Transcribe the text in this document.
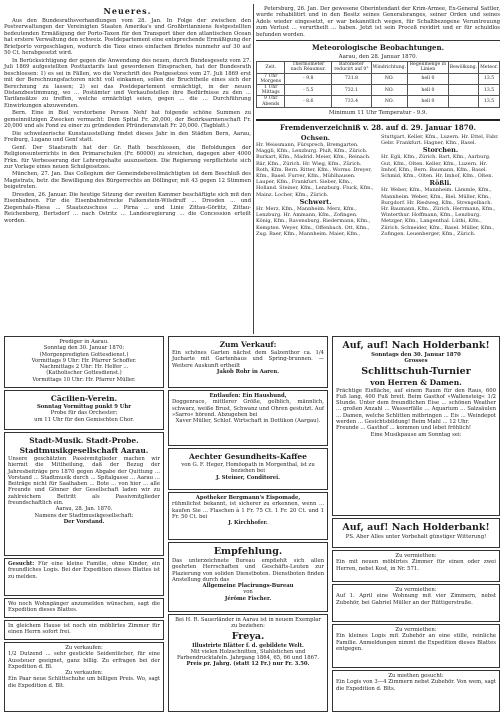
Neueres.

Aus den Bundesrathsverhandlungen vom 28. Jan. In Folge der zwischen den Postverwaltungen der Vereinigten Staaten Amerika's und Großbritanniens festgestellten bedeutenden Ermäßigung der Porto-Taxen für den Transport über den atlantischen Ocean hat erstere Verwaltung den schweiz. Postdepartement eine entsprechende Ermäßigung der Briefporto vorgeschlagen, wodurch die Taxe eines einfachen Briefes nunmehr auf 30 auf 50 Ct. herabgesetzt wird.

In Berücksichtigung der gegen die Anwendung des neuen, durch Bundesgesetz vom 27. Juli 1869 aufgestellten Posttaxtarifs laut gewordenen Einsprachen, hat der Bundesrath beschlossen: 1) es sei in Fällen, wo die Vorschrift des Postgesetzes vom 27. Juli 1869 erst mit der Berechnungsfactoren nicht voll einkamen, sollen die Bruchtheile eines sich der Berechnung zu lassen; 2) sei das Postdepartement ermächtigt, in der neuen Distanzbestimmung, wo ... Postämter und Verkaufsstellen ihre Bedürfnisse zu den ... Tarifansätze zu treffen, welche ermächtigt seien, gegen ... die ... Durchführung Einwirkungen abzuwenden.

Bern. Eine in Biel verstorbene Person Nehf hat folgende schöne Summen zu gemeinnützigen Zwecken vermacht: Dem Spital Fr. 20,000, der Bezirksarmenschaft Fr. 20,000 und als Fond zu einer zu gründenden Pfründeranstalt Fr. 20,000. (Tagblatt.)

Die schweizerische Kunstausstellung findet dieses Jahr in den Städten Bern, Aarau, Freiburg, Lugano und Genf statt.

Genf. Der Staatsrath hat der Gr. Rath beschlossen, die Befoldungen der Religionsunterrichts in den Primarschulen (Fr. 60000) zu streichen, dagegen aber 4000 Frkn. für Verbesserung der Lehrergehalte auszusetzen. Die Regierung verpflichtete sich zur Vorlage eines neuen Schulgesetzes.

München, 27. Jan. Das Collegium der Gemeindebevollmächtigten ist dem Beschluß des Magistrats, betr. die Bewilligung des Bürgerrechts an Döllinger, mit 43 gegen 12 Stimmen beigetreten.

Dresden, 26. Januar. Die heutige Sitzung der zweiten Kammer beschäftigte sich mit den Eisenbahnen. Für die Eisenbahnstrecke Falkenstein-Wilsdruff ... Dresden ... und Ziegenhals-Riesa ... Staatszuschuss ... Pirna ... und Linie Zittau-Görlitz, Zittau-Reichenberg, Bertsdorf ... nach Ostritz ... Landesregierung ... die Concession erteilt worden.

Petersburg, 26. Jan. Der gewesene Oberintendant der Krim-Armee, Ex-General Sattler, wurde rehabilitirt und in den Besitz seines Generalsranges, seiner Orden und seines Adels wieder eingesetzt, er war bekanntlich wegen, für Schaltbezogene Veruntreuung zum Verlust ... verurtheilt ... haben. Jetzt ist sein Proceß revidirt und er für schuldlos befunden worden.

Meteorologische Beobachtungen.

Aarau, den 28. Januar 1870.

Zeit.	Thermometer nach Réaumur.	Barometer reducirt auf 0°	Windrichtung.	Regenmenge in Linien	Bewölkung.	Meteor.
7 Uhr Morgens	- 9.8	731.8	NO.	hell 0		13.5
1 Uhr Mittags	- 5.5	732.1	NO.	hell 0		13.5
9 Uhr Abends	- 8.6	733.4	NO.	hell 0		13.5

Minimum 11 Uhr Temperatur - 9.9.

Fremdenverzeichniß v. 28. auf d. 29. Januar 1870.

Ochsen.

Hr. Weissmann, Fürsprech, Bremgarten. Maggli, Kfm., Lenzburg. Pluß, Kfm., Zürich. Burkart, Kfm., Madrid. Meier, Kfm., Reinach. Bär, Kfm., Zürich. Hr. Wieg, Kfm., Zürich. Roth, Kfm. Bern. Ritter, Kfm., Worms. Dreyer, Kfm., Basel. Furrer, Kfm., Mühlhausen. Lauper, Kfm., Frankfurt. Sieber, Kfm., Holland. Steiner, Kfm., Lenzburg. Fluck, Kfm., Mainz. Locher, Kfm., Zürich.

Schwert.

Hr. Merz, Kfm., Mannheim. Merz, Kfm., Lenzburg. Hr. Ammann, Kfm., Zofingen. König, Kfm., Ravensburg. Riedermann, Kfm., Kempten. Weyer, Kfm., Offenbach. Ott, Kfm., Zug. Baer, Kfm., Mannheim. Maier, Kfm., Stuttgart. Keller, Kfm., Luzern. Hr. Ettel, Fabr. Gebr. Frankfurt. Hagner, Kfm., Basel.

Storchen.

Hr. Egli, Kfm., Zürich. Bart, Kfm., Aarburg. Gut, Kfm., Olten. Keller, Kfm., Luzern. Hr. Imhof, Kfm., Bern. Baumann, Kfm., Basel. Schmid, Kfm., Olten. Hr. Imhof, Kfm., Olten.

Rößli.

Hr. Weber, Kfm., Mannheim. Lämmle, Kfm., Mannheim. Weber, Kfm., Biel. Müller, Kfm., Burgdorf. Hr. Riedweg, Kfm., Strengelbach. Hr. Baumann, Kfm., Zürich. Herrmann, Kfm., Winterthur. Hoffmann, Kfm., Lenzburg. Metzger, Kfm., Langenthal. Lüthi, Kfm., Zürich. Schneider, Kfm., Basel. Müller, Kfm., Zofingen. Leuenberger, Kfm., Zürich.

Prediger in Aarau.

Sonntag den 30. Januar 1870:

(Morgenpredigten Gottesdienst.)

Vormittags 9 Uhr: Hr. Pfarrer Schoffer.

Nachmittags 2 Uhr: Hr. Helfer ...

(Katholischer Gottesdienst.)

Vormittags 10 Uhr: Hr. Pfarrer Müller.

Cäcilien-Verein.

Sonntag Vormittag punkt 9 Uhr

Probe für das Orchester;

um 11 Uhr für den Gemischten Chor.

Stadt-Musik. Stadt-Probe.

Stadtmusikgesellschaft Aarau.

Unsere geschätzten Passivmitglieder machen wir hiermit die Mittheilung, daß der Bezug der Jahresbeiträge pro 1870 gegen Abgabe der Quittung ... Vorstand ... Stadtmusik durch ... Spitalgasse ... Aarau ... Beiträge nicht für Saalhaben ... Bote ... von hier ... alle Freunde und Gönner der Gesellschaft laden wir zu zahlreichem Beitritt als Passivmitglieder freundschaftlich ein.

Aarau, 28. Jan. 1870.

Namens der Stadtmusikgesellschaft:

Der Vorstand.

Gesucht: Für eine kleine Familie, ohne Kinder, ein freundliches Logis. Bei der Expedition dieses Blattes ist zu melden.

Wo noch Wohngänger anzumelden wünschen, sagt die Expedition dieses Blattes.

In gleichem Hause ist noch ein möblirtes Zimmer für einen Herrn sofort frei.

Zu verkaufen:

1/2 Dutzend ... sehr gestickte Seidentücher, für eine Aussteuer geeignet, ganz billig. Zu erfragen bei der Expedition d. Bl.

Zu verkaufen:

Ein Paar neue Schlittschuhe um billigen Preis. Wo, sagt die Expedition d. Blt.

Zum Verkauf:

Ein schönes Garten nächst dem Salzenthor ca. 1/4 Jucharte mit Gartenhaus und Spring-brunnen. — Weitere Auskunft ertheilt

Jakob Rohr in Aaren.

Entlaufen: Ein Haushund,

Doggenrace, mittlerer Größe, gelblich, männlich, schwarz, weiße Brust, Schwanz und Ohren gestutzt. Auf »Sarro« hörend. Abzugeben bei

Xaver Müller, Schlof. Wirtschaft in Dottikon (Aargau).

Aechter Gesundheits-Kaffee

von G. F. Heger, Homöopath in Morgenthal, ist zu beziehen bei

J. Steiner, Conditorei.

Apotheker Bergmann's Eispomade,

rühmlichst bekannt, ist sicherer zu erkennen, wenn ... kaufen Sie ... Flaschen à 1 Fr. 75 Ct. 1 Fr. 20 Ct. und 1 Fr. 50 Ct. bei

J. Kirchhofer.

Empfehlung.

Das unterzeichnete Bureau empfiehlt sich allen geehrten Herrschaften und Geschäfts-Leuten zur Plazierung von soliden Dienstboten. Dienstboten finden Anstellung durch das

Allgemeine Placirungs-Bureau

von

Jérôme Fischer.

Bei H. R. Sauerländer in Aarau ist in neuem Exemplar zu beziehen:

Freya.

Illustrirte Blätter f. d. gebildete Welt.

Mit vielen Holzschnitten, Stahlstichen und Farbendrucktafeln. Jahrgang 1864, 65, 66 und 1867.

Preis pr. Jahrg. (statt 12 Fr.) nur Fr. 3.50.

Auf, auf! Nach Holderbank!

Sonntags den 30. Januar 1870

Grosses

Schlittschuh-Turnier

von Herren & Damen.

Prächtige Eisfläche, auf einem Raum für den Raus, 600 Fuß lang, 400 Fuß breit. Beim Gasthof »Wallensteig« 1/2 Stunde. Unter dem freundlichen Eise ... schönen Weather ... großen Anzahl ... Wasserfälle ... Aquarium ... Salzsäulen ... Damen, welche Schlitten mitbringen ... Eis ... Weindepot werden ... Gesichtsbildung! Beim Mahl ... 12 Uhr.

Freunde ... Gasthof ... kommen und lebet fröhlich!

Eine Musikpause am Sonntag sei:

Auf, auf! Nach Holderbank!

PS. Aber Alles unter Vorbehalt günstiger Witterung!

Zu vermiethen:

Ein mit neuen möblirtes Zimmer für einen oder zwei Herren, nebst Kost, in Nr. 571.

Zu vermiethen:

Auf 1. April eine Wohnung mit vier Zimmern, nebst Zubehör, bei Gabriel Müller an der Rüttigerstraße.

Zu vermiethen:

Ein kleines Logis mit Zubehör an eine stille, reinliche Familie. Anmeldungen nimmt die Expedition dieses Blattes entgegen.

Zu miethen gesucht:

Ein Logis von 3—4 Zimmern nebst Zubehör. Von wem, sagt die Expedition d. Blts.
